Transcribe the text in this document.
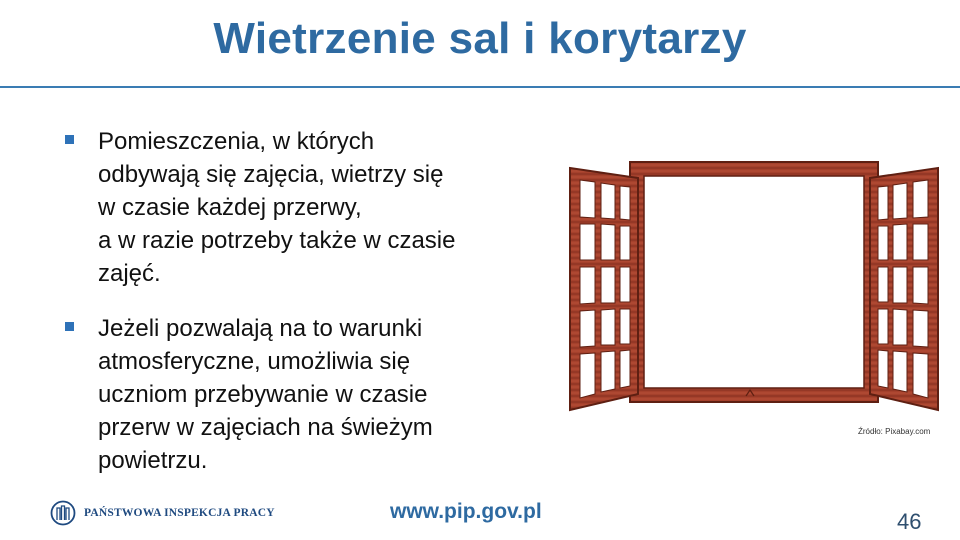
Wietrzenie sal i korytarzy
Pomieszczenia, w których
odbywają się zajęcia, wietrzy się
w czasie każdej przerwy,
a w razie potrzeby także w czasie
zajęć.
Jeżeli pozwalają na to warunki
atmosferyczne, umożliwia się
uczniom przebywanie w czasie
przerw w zajęciach na świeżym
powietrzu.
Źródło: Pixabay.com
PAŃSTWOWA INSPEKCJA PRACY	www.pip.gov.pl	46
